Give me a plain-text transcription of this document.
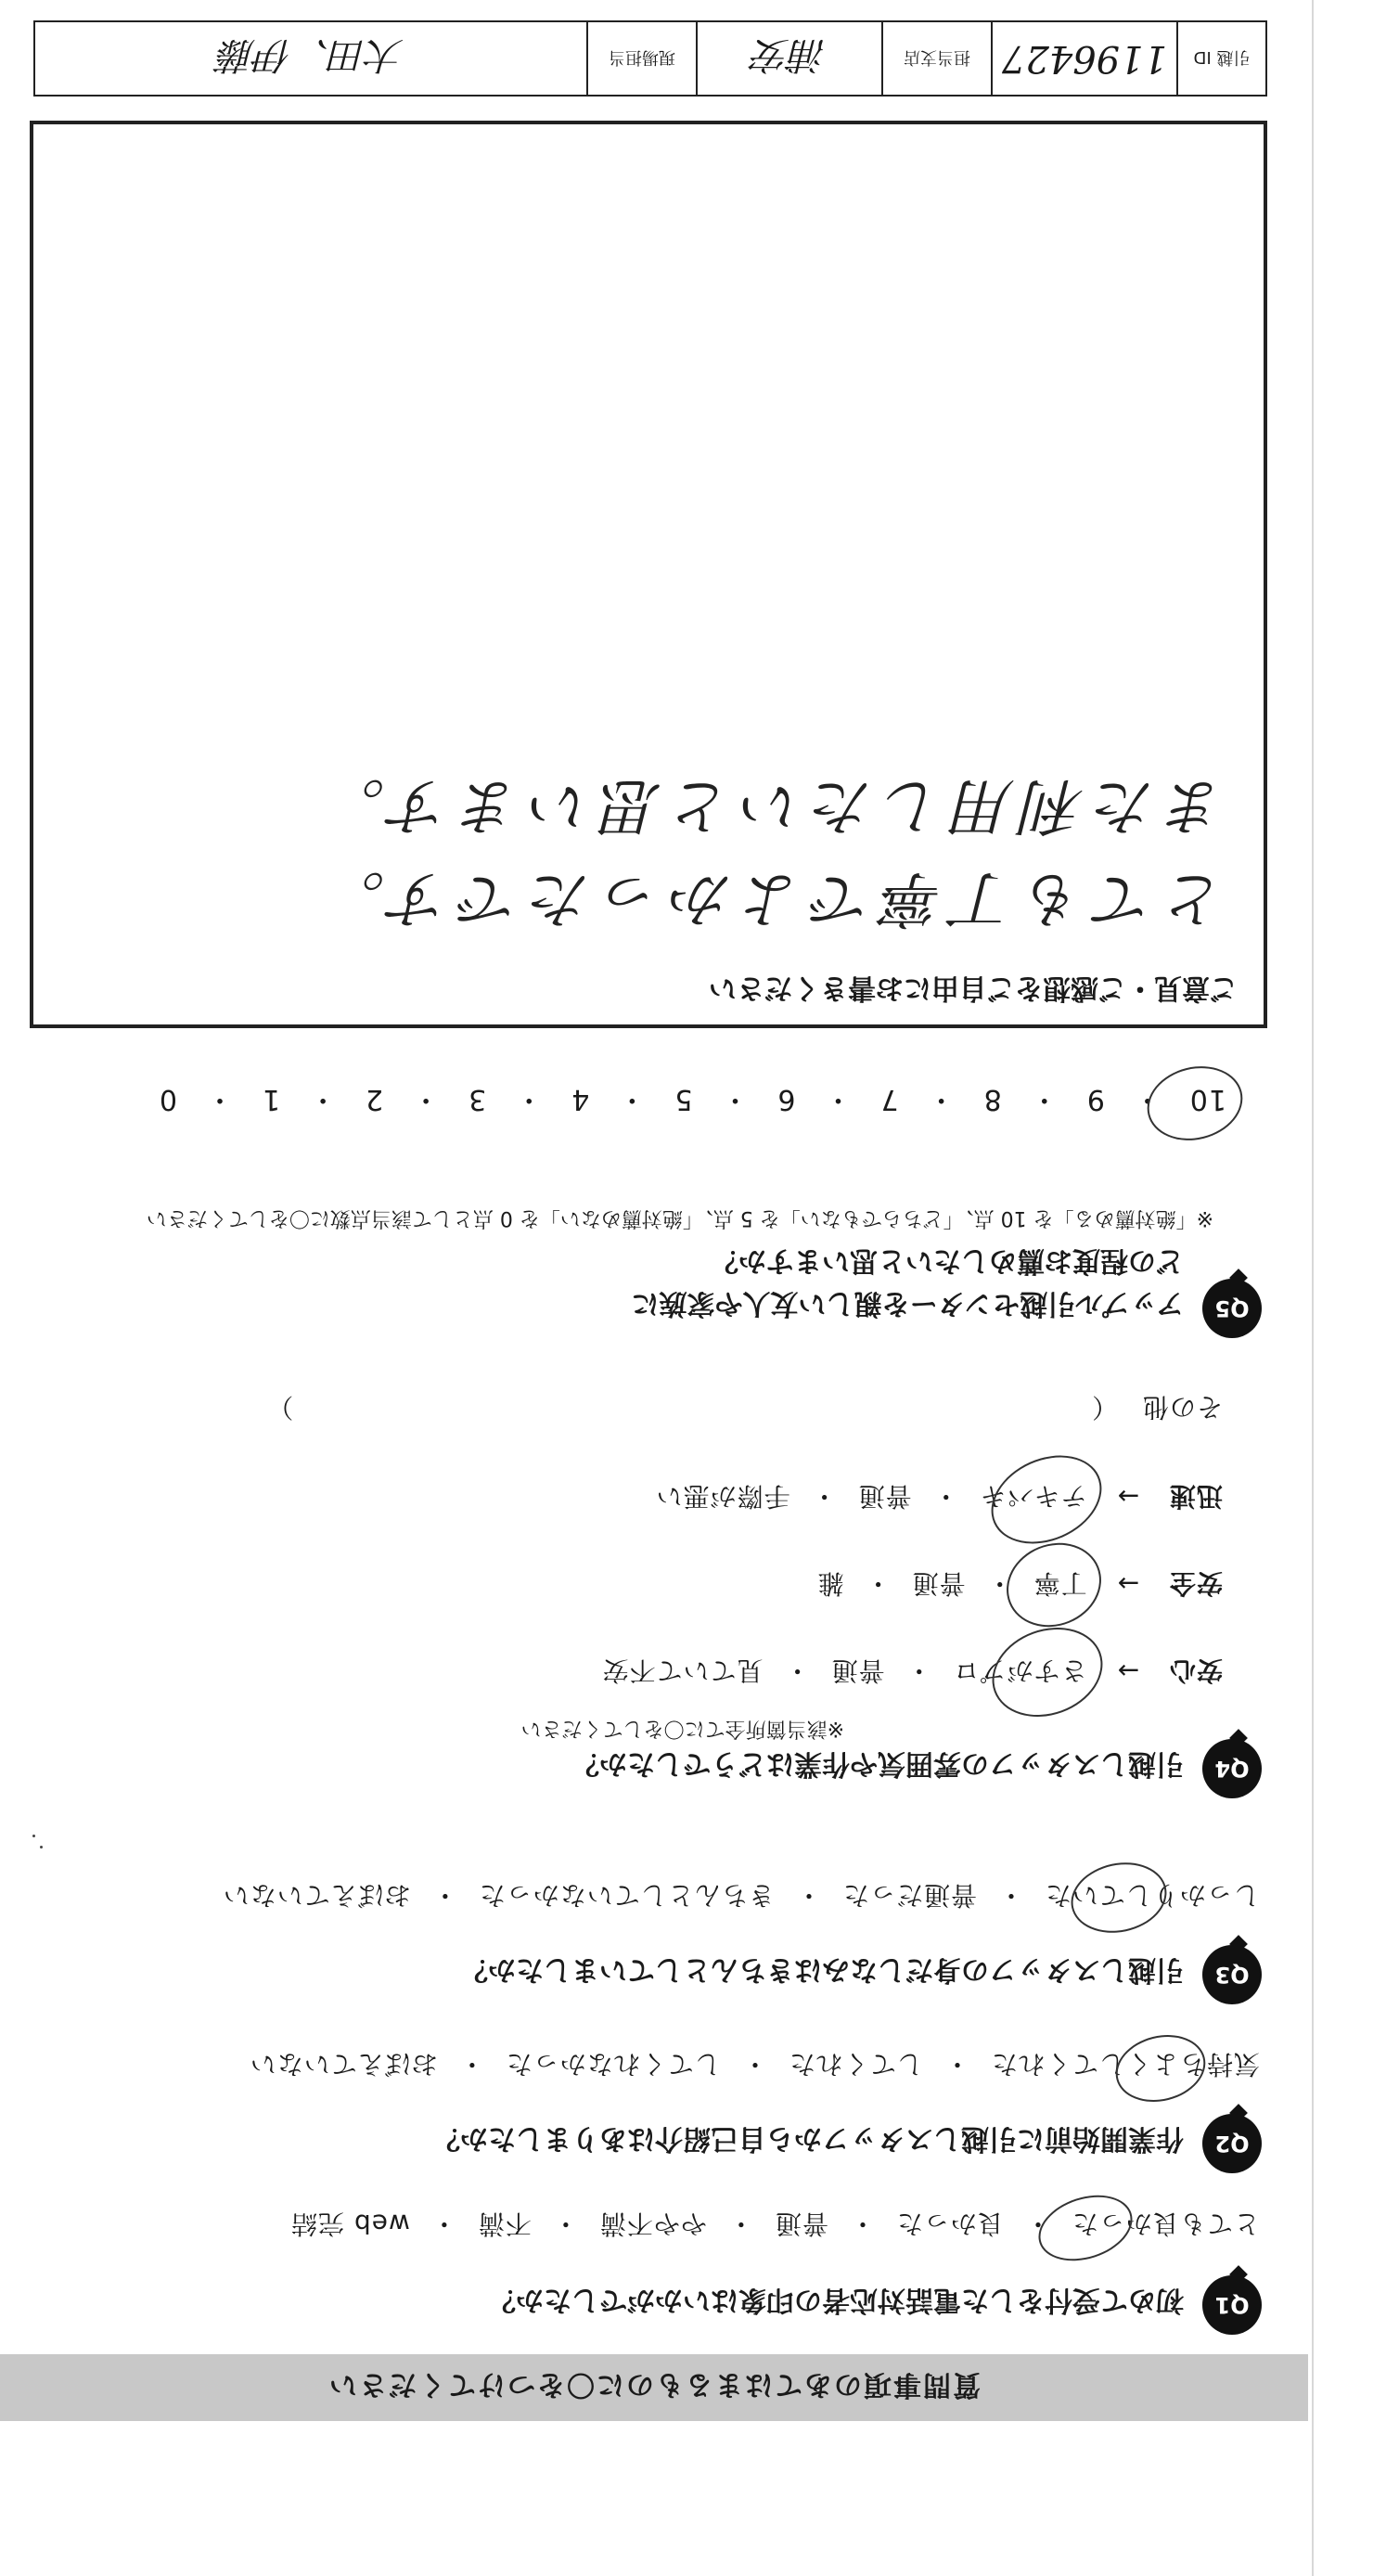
質問事項のあてはまるものに〇をつけてください
Q1
初めて受付をした電話対応者の印象はいかがでしたか？
とても良かった・良かった・普通・やや不満・不満・web 完結
Q2
作業開始前に引越しスタッフから自己紹介はありましたか？
気持ちよくしてくれた・してくれた・してくれなかった・おぼえていない
Q3
引越しスタッフの身だしなみはきちんとしていましたか？
しっかりしていた・普通だった・きちんとしていなかった・おぼえていない
Q4
引越しスタッフの雰囲気や作業はどうでしたか？
※該当箇所全てに〇をしてください
安心 → さすがプロ・普通・見ていて不安
安全 → 丁寧・普通・雑
迅速 → テキパキ・普通・手際が悪い
その他 （  ）
Q5
アップル引越センターを親しい友人や家族に
どの程度お薦めしたいと思いますか？
※「絶対薦める」を 10 点、「どちらでもない」を 5 点、「絶対薦めない」を 0 点として該当点数に〇をしてください
10・9・8・7・6・5・4・3・2・1・0
ご意見・ご感想をご自由にお書きください
とても丁寧でよかったです。
また利用したいと思います。
引越 ID
1196427
担当支店
浦安
現場担当
大田、伊藤
